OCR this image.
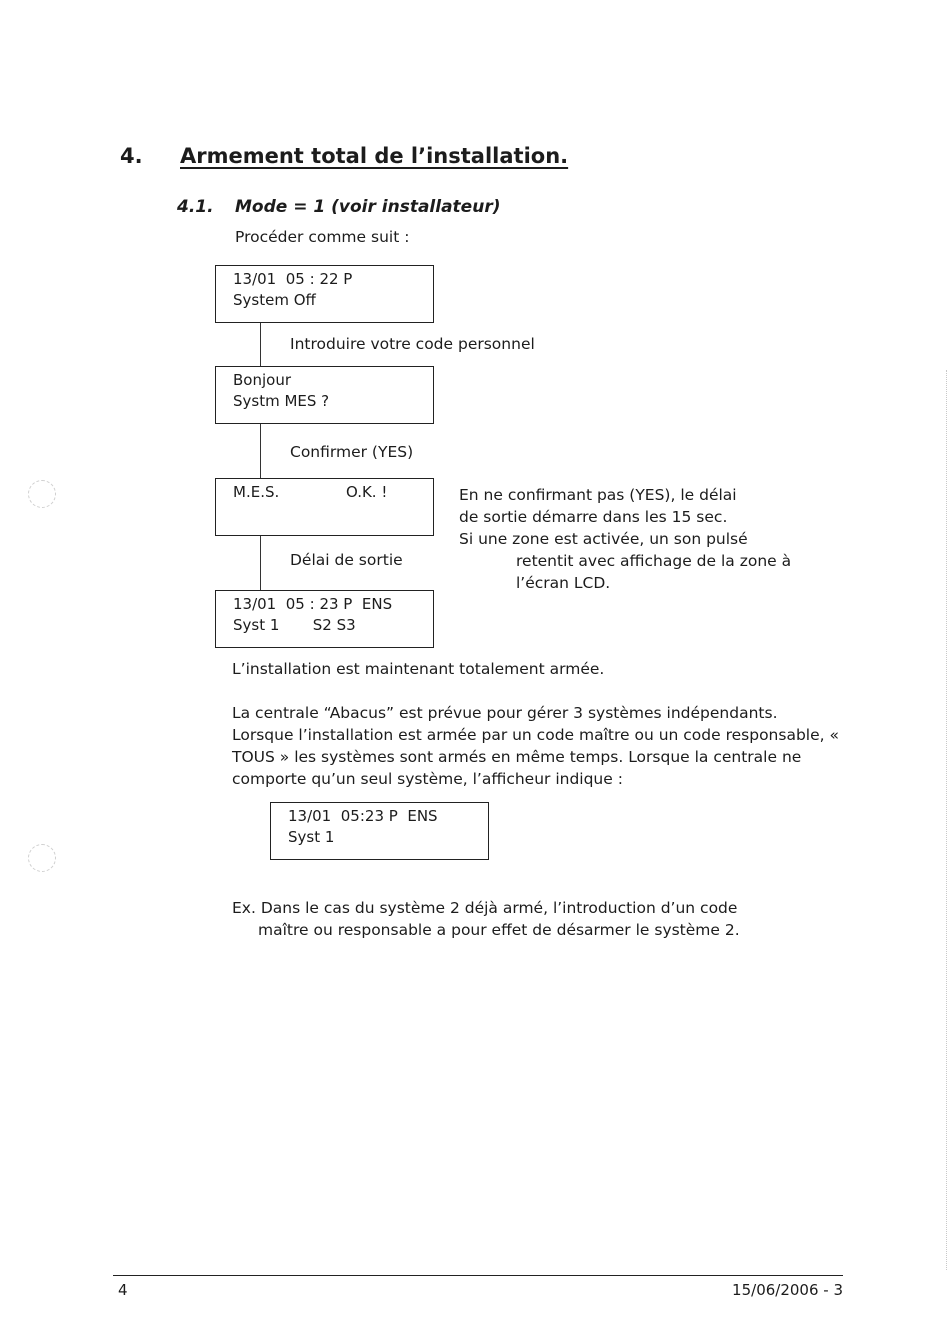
4. Armement total de l’installation.
4.1. Mode = 1 (voir installateur)
Procéder comme suit :
13/01  05 : 22 P
System Off
Introduire votre code personnel
Bonjour
Systm MES ?
Confirmer (YES)
M.E.S.              O.K. !
Délai de sortie
13/01  05 : 23 P  ENS
Syst 1       S2 S3
En ne confirmant pas (YES), le délai
de sortie démarre dans les 15 sec.
Si une zone est activée, un son pulsé
retentit avec affichage de la zone à
l’écran LCD.
L’installation est maintenant totalement armée.
La centrale “Abacus” est prévue pour gérer 3 systèmes indépendants. Lorsque l’installation est armée par un code maître ou un code responsable, « TOUS » les systèmes sont armés en même temps. Lorsque la centrale ne comporte qu’un seul système, l’afficheur indique :
13/01  05:23 P  ENS
Syst 1
Ex. Dans le cas du système 2 déjà armé, l’introduction d’un code
maître ou responsable a pour effet de désarmer le système 2.
4	15/06/2006 - 3
